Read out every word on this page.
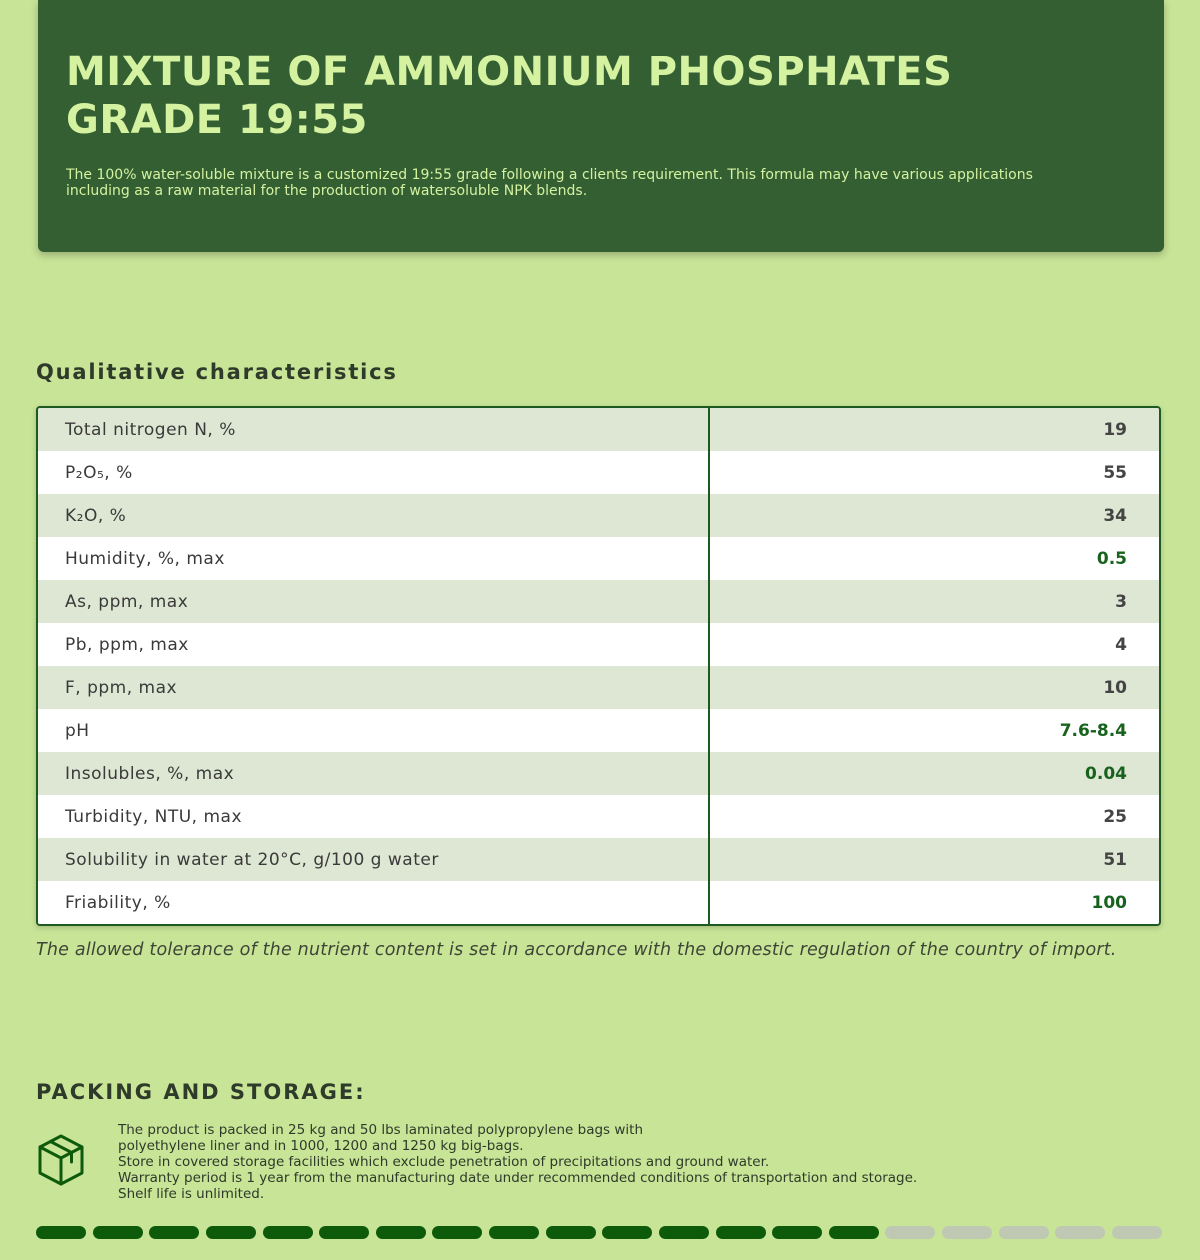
MIXTURE OF AMMONIUM PHOSPHATES
GRADE 19:55

The 100% water-soluble mixture is a customized 19:55 grade following a clients requirement. This formula may have various applications including as a raw material for the production of watersoluble NPK blends.

Qualitative characteristics
Total nitrogen N, %	19
P₂O₅, %	55
K₂O, %	34
Humidity, %, max	0.5
As, ppm, max	3
Pb, ppm, max	4
F, ppm, max	10
pH	7.6-8.4
Insolubles, %, max	0.04
Turbidity, NTU, max	25
Solubility in water at 20°C, g/100 g water	51
Friability, %	100

The allowed tolerance of the nutrient content is set in accordance with the domestic regulation of the country of import.

PACKING AND STORAGE:
The product is packed in 25 kg and 50 lbs laminated polypropylene bags with
polyethylene liner and in 1000, 1200 and 1250 kg big-bags.
Store in covered storage facilities which exclude penetration of precipitations and ground water.
Warranty period is 1 year from the manufacturing date under recommended conditions of transportation and storage.
Shelf life is unlimited.
